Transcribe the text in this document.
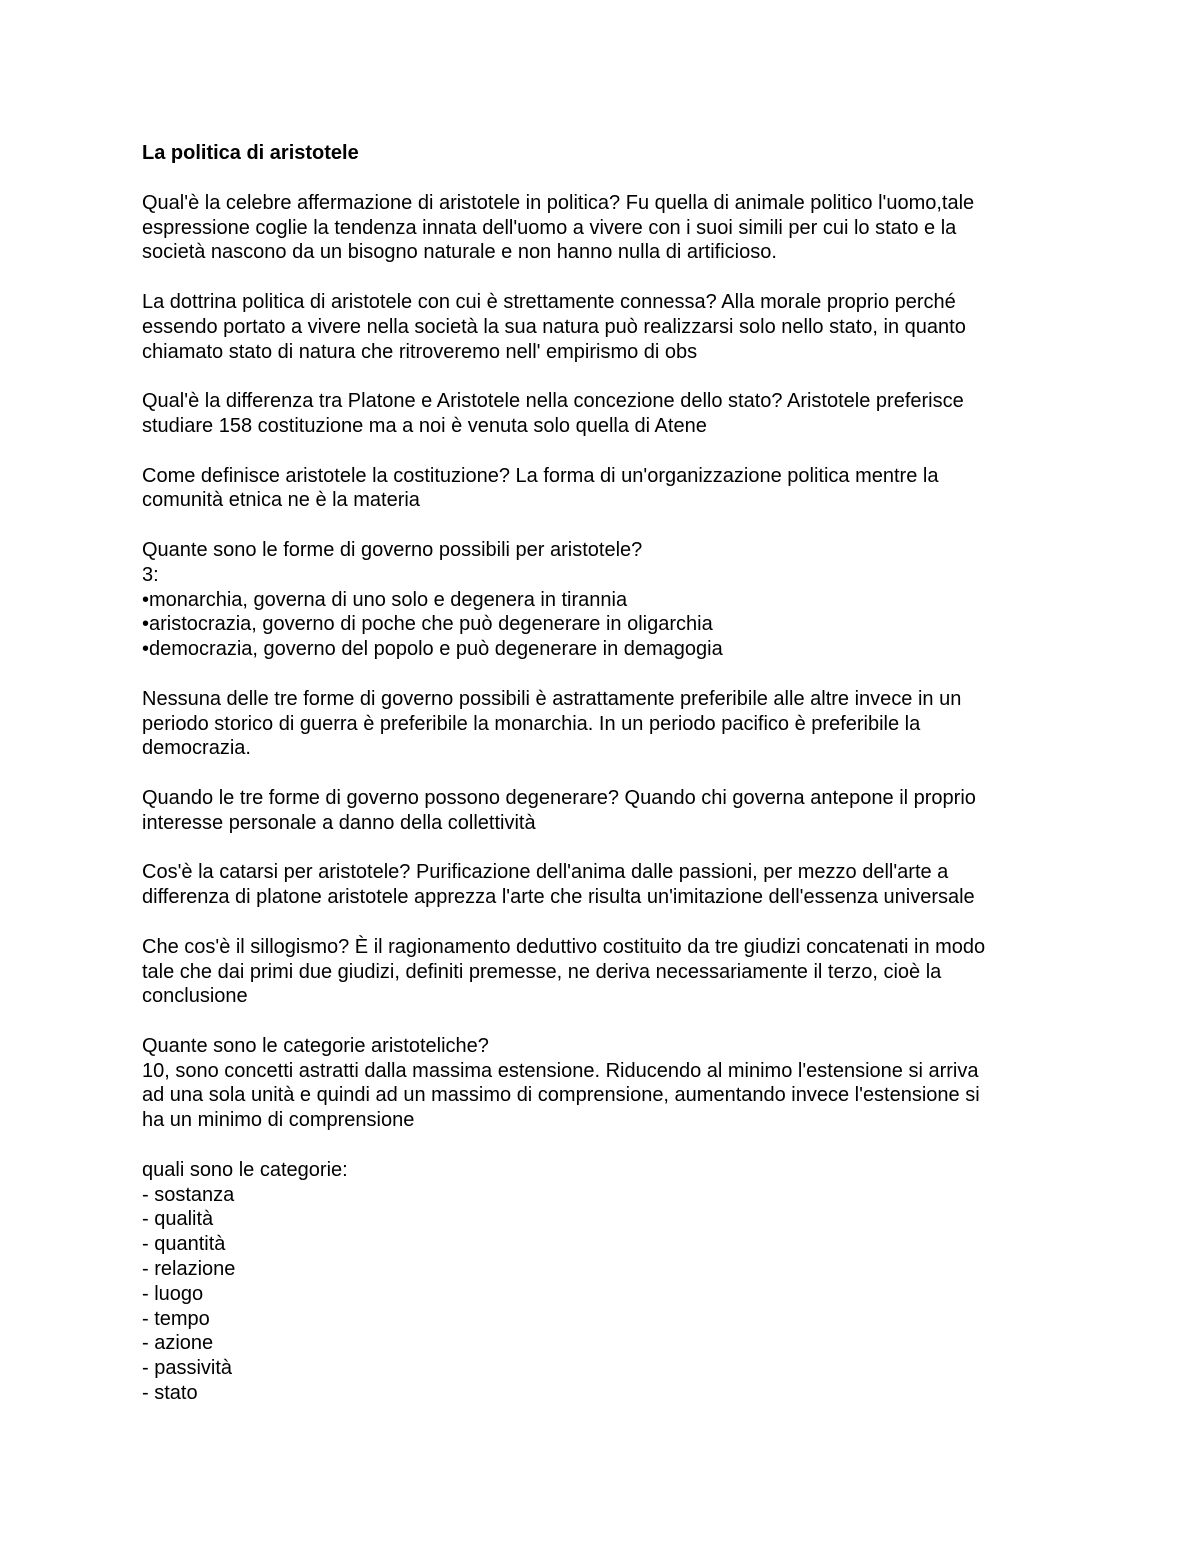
La politica di aristotele
Qual'è la celebre affermazione di aristotele in politica? Fu quella di animale politico l'uomo,tale
espressione coglie la tendenza innata dell'uomo a vivere con i suoi simili per cui lo stato e la
società nascono da un bisogno naturale e non hanno nulla di artificioso.
La dottrina politica di aristotele con cui è strettamente connessa? Alla morale proprio perché
essendo portato a vivere nella società la sua natura può realizzarsi solo nello stato, in quanto
chiamato stato di natura che ritroveremo nell' empirismo di obs
Qual'è la differenza tra Platone e Aristotele nella concezione dello stato? Aristotele preferisce
studiare 158 costituzione ma a noi è venuta solo quella di Atene
Come definisce aristotele la costituzione? La forma di un'organizzazione politica mentre la
comunità etnica ne è la materia
Quante sono le forme di governo possibili per aristotele?
3:
•monarchia, governa di uno solo e degenera in tirannia
•aristocrazia, governo di poche che può degenerare in oligarchia
•democrazia, governo del popolo e può degenerare in demagogia
Nessuna delle tre forme di governo possibili è astrattamente preferibile alle altre invece in un
periodo storico di guerra è preferibile la monarchia. In un periodo pacifico è preferibile la
democrazia.
Quando le tre forme di governo possono degenerare? Quando chi governa antepone il proprio
interesse personale a danno della collettività
Cos'è la catarsi per aristotele? Purificazione dell'anima dalle passioni, per mezzo dell'arte a
differenza di platone aristotele apprezza l'arte che risulta un'imitazione dell'essenza universale
Che cos'è il sillogismo? È il ragionamento deduttivo costituito da tre giudizi concatenati in modo
tale che dai primi due giudizi, definiti premesse, ne deriva necessariamente il terzo, cioè la
conclusione
Quante sono le categorie aristoteliche?
10, sono concetti astratti dalla massima estensione. Riducendo al minimo l'estensione si arriva
ad una sola unità e quindi ad un massimo di comprensione, aumentando invece l'estensione si
ha un minimo di comprensione
quali sono le categorie:
- sostanza
- qualità
- quantità
- relazione
- luogo
- tempo
- azione
- passività
- stato
